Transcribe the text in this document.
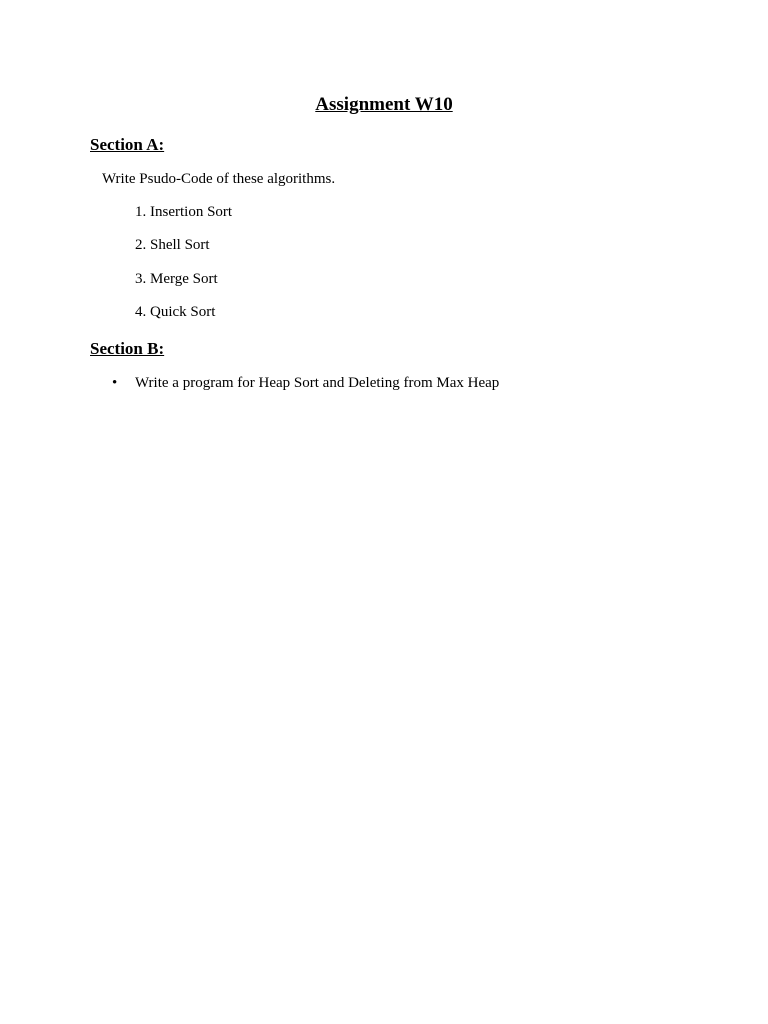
Assignment W10
Section A:
Write Psudo-Code of these algorithms.
1. Insertion Sort
2. Shell Sort
3. Merge Sort
4. Quick Sort
Section B:
• Write a program for Heap Sort and Deleting from Max Heap
